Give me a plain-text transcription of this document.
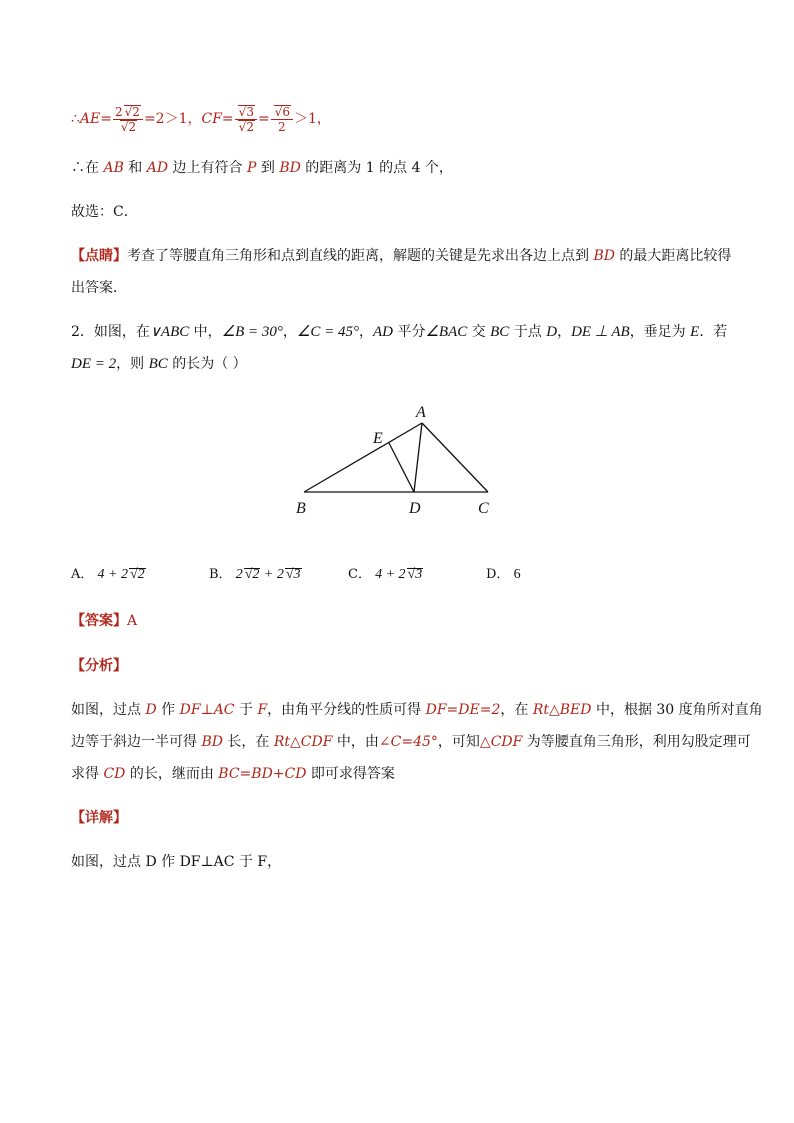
∴AE= $\frac{2 √2}{√2} =2>1$，$CF= \frac{√3}{√2} = \frac{√6}{2} >1$，
∴在 AB 和 AD 边上有符合 P 到 BD 的距离为 1 的点 4 个，
故选：C．
【点睛】考查了等腰直角三角形和点到直线的距离，解题的关键是先求出各边上点到 BD 的最大距离比较得
出答案．
2．如图，在∨ABC 中，∠B = 30°，∠C = 45°，AD 平分∠BAC 交 BC 于点 D，DE ⊥ AB，垂足为 E．若
DE = 2，则 BC 的长为（ ）
A
E
B	D	C
A． 4 + 2 √2	B． 2 √2 + 2 √3	C． 4 + 2 √3	D． 6
【答案】A
【分析】
如图，过点 D 作 DF⊥AC 于 F，由角平分线的性质可得 DF=DE=2，在 Rt△BED 中，根据 30 度角所对直角
边等于斜边一半可得 BD 长，在 Rt△CDF 中，由∠C=45°，可知△CDF 为等腰直角三角形，利用勾股定理可
求得 CD 的长，继而由 BC=BD+CD 即可求得答案
【详解】
如图，过点 D 作 DF⊥AC 于 F，
